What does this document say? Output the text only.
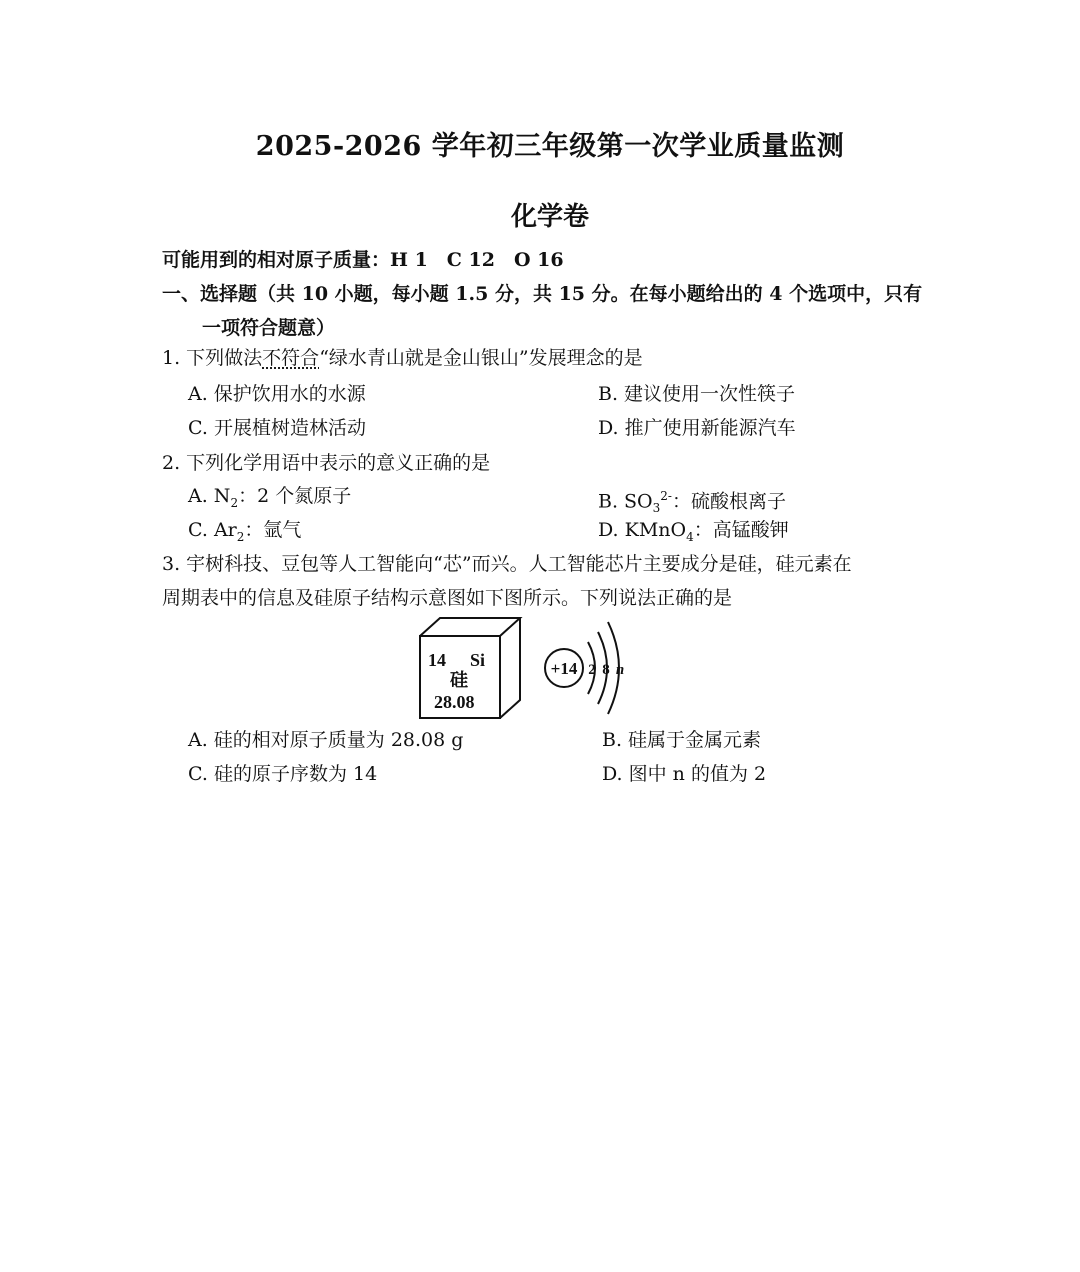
2025-2026 学年初三年级第一次学业质量监测
化学卷
可能用到的相对原子质量：H 1　C 12　O 16
一、选择题（共 10 小题，每小题 1.5 分，共 15 分。在每小题给出的 4 个选项中，只有
一项符合题意）
1. 下列做法不符合“绿水青山就是金山银山”发展理念的是
A. 保护饮用水的水源	B. 建议使用一次性筷子
C. 开展植树造林活动	D. 推广使用新能源汽车
2. 下列化学用语中表示的意义正确的是
A. $N_2$：2 个氮原子	B. $SO_3^{2-}$：硫酸根离子
C. $Ar_2$：氩气	D. KMnO$_4$：高锰酸钾
3. 宇树科技、豆包等人工智能向“芯”而兴。人工智能芯片主要成分是硅，硅元素在
周期表中的信息及硅原子结构示意图如下图所示。下列说法正确的是
14 Si
硅
28.08
+14 2 8 n
A. 硅的相对原子质量为 28.08 g	B. 硅属于金属元素
C. 硅的原子序数为 14	D. 图中 n 的值为 2
